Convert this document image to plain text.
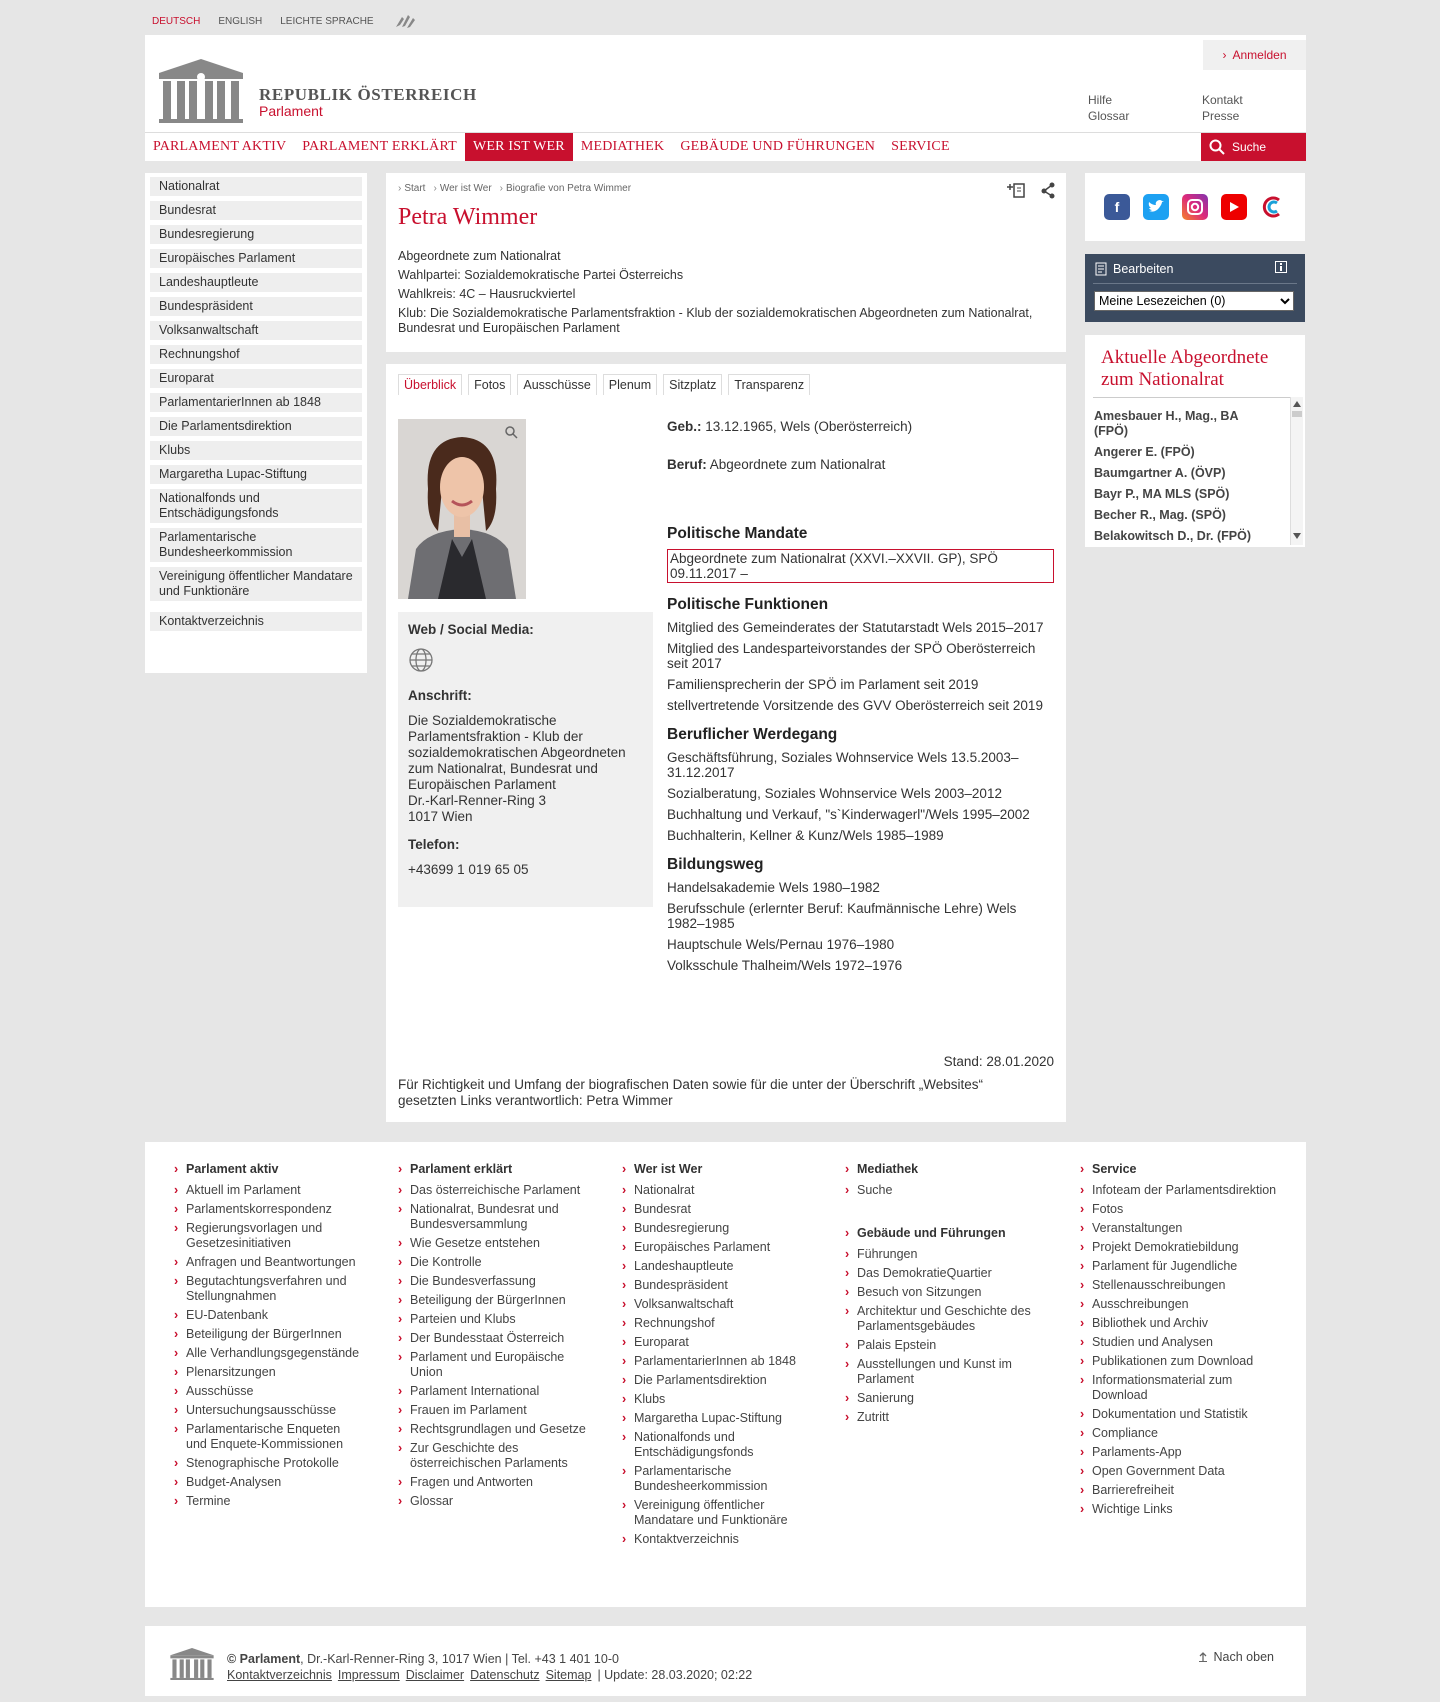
DEUTSCH ENGLISH LEICHTE SPRACHE
REPUBLIK ÖSTERREICH
Parlament
› Anmelden
Hilfe
Glossar
Kontakt
Presse
PARLAMENT AKTIV	PARLAMENT ERKLÄRT	WER IST WER	MEDIATHEK	GEBÄUDE UND FÜHRUNGEN	SERVICE	Suche
Nationalrat
Bundesrat
Bundesregierung
Europäisches Parlament
Landeshauptleute
Bundespräsident
Volksanwaltschaft
Rechnungshof
Europarat
ParlamentarierInnen ab 1848
Die Parlamentsdirektion
Klubs
Margaretha Lupac-Stiftung
Nationalfonds und Entschädigungsfonds
Parlamentarische Bundesheerkommission
Vereinigung öffentlicher Mandatare und Funktionäre
Kontaktverzeichnis
› Start	› Wer ist Wer	› Biografie von Petra Wimmer
Petra Wimmer
Abgeordnete zum Nationalrat
Wahlpartei: Sozialdemokratische Partei Österreichs
Wahlkreis: 4C – Hausruckviertel
Klub: Die Sozialdemokratische Parlamentsfraktion - Klub der sozialdemokratischen Abgeordneten zum Nationalrat, Bundesrat und Europäischen Parlament
Überblick	Fotos	Ausschüsse	Plenum	Sitzplatz	Transparenz
Web / Social Media:
Anschrift:
Die Sozialdemokratische Parlamentsfraktion - Klub der sozialdemokratischen Abgeordneten zum Nationalrat, Bundesrat und Europäischen Parlament
Dr.-Karl-Renner-Ring 3
1017 Wien
Telefon:
+43699 1 019 65 05
Geb.: 13.12.1965, Wels (Oberösterreich)
Beruf: Abgeordnete zum Nationalrat
Politische Mandate
Abgeordnete zum Nationalrat (XXVI.–XXVII. GP), SPÖ 09.11.2017 –
Politische Funktionen
Mitglied des Gemeinderates der Statutarstadt Wels 2015–2017
Mitglied des Landesparteivorstandes der SPÖ Oberösterreich seit 2017
Familiensprecherin der SPÖ im Parlament seit 2019
stellvertretende Vorsitzende des GVV Oberösterreich seit 2019
Beruflicher Werdegang
Geschäftsführung, Soziales Wohnservice Wels 13.5.2003–31.12.2017
Sozialberatung, Soziales Wohnservice Wels 2003–2012
Buchhaltung und Verkauf, "s`Kinderwagerl"/Wels 1995–2002
Buchhalterin, Kellner & Kunz/Wels 1985–1989
Bildungsweg
Handelsakademie Wels 1980–1982
Berufsschule (erlernter Beruf: Kaufmännische Lehre) Wels 1982–1985
Hauptschule Wels/Pernau 1976–1980
Volksschule Thalheim/Wels 1972–1976
Stand: 28.01.2020
Für Richtigkeit und Umfang der biografischen Daten sowie für die unter der Überschrift „Websites“ gesetzten Links verantwortlich: Petra Wimmer
f
Bearbeiten
Meine Lesezeichen (0)
Aktuelle Abgeordnete zum Nationalrat
Amesbauer H., Mag., BA (FPÖ)
Angerer E. (FPÖ)
Baumgartner A. (ÖVP)
Bayr P., MA MLS (SPÖ)
Becher R., Mag. (SPÖ)
Belakowitsch D., Dr. (FPÖ)
› Parlament aktiv
› Aktuell im Parlament
› Parlamentskorrespondenz
› Regierungsvorlagen und Gesetzesinitiativen
› Anfragen und Beantwortungen
› Begutachtungsverfahren und Stellungnahmen
› EU-Datenbank
› Beteiligung der BürgerInnen
› Alle Verhandlungsgegenstände
› Plenarsitzungen
› Ausschüsse
› Untersuchungsausschüsse
› Parlamentarische Enqueten und Enquete-Kommissionen
› Stenographische Protokolle
› Budget-Analysen
› Termine
› Parlament erklärt
› Das österreichische Parlament
› Nationalrat, Bundesrat und Bundesversammlung
› Wie Gesetze entstehen
› Die Kontrolle
› Die Bundesverfassung
› Beteiligung der BürgerInnen
› Parteien und Klubs
› Der Bundesstaat Österreich
› Parlament und Europäische Union
› Parlament International
› Frauen im Parlament
› Rechtsgrundlagen und Gesetze
› Zur Geschichte des österreichischen Parlaments
› Fragen und Antworten
› Glossar
› Wer ist Wer
› Nationalrat
› Bundesrat
› Bundesregierung
› Europäisches Parlament
› Landeshauptleute
› Bundespräsident
› Volksanwaltschaft
› Rechnungshof
› Europarat
› ParlamentarierInnen ab 1848
› Die Parlamentsdirektion
› Klubs
› Margaretha Lupac-Stiftung
› Nationalfonds und Entschädigungsfonds
› Parlamentarische Bundesheerkommission
› Vereinigung öffentlicher Mandatare und Funktionäre
› Kontaktverzeichnis
› Mediathek
› Suche
› Gebäude und Führungen
› Führungen
› Das DemokratieQuartier
› Besuch von Sitzungen
› Architektur und Geschichte des Parlamentsgebäudes
› Palais Epstein
› Ausstellungen und Kunst im Parlament
› Sanierung
› Zutritt
› Service
› Infoteam der Parlamentsdirektion
› Fotos
› Veranstaltungen
› Projekt Demokratiebildung
› Parlament für Jugendliche
› Stellenausschreibungen
› Ausschreibungen
› Bibliothek und Archiv
› Studien und Analysen
› Publikationen zum Download
› Informationsmaterial zum Download
› Dokumentation und Statistik
› Compliance
› Parlaments-App
› Open Government Data
› Barrierefreiheit
› Wichtige Links
© Parlament, Dr.-Karl-Renner-Ring 3, 1017 Wien | Tel. +43 1 401 10-0
Kontaktverzeichnis Impressum Disclaimer Datenschutz Sitemap | Update: 28.03.2020; 02:22
Nach oben
